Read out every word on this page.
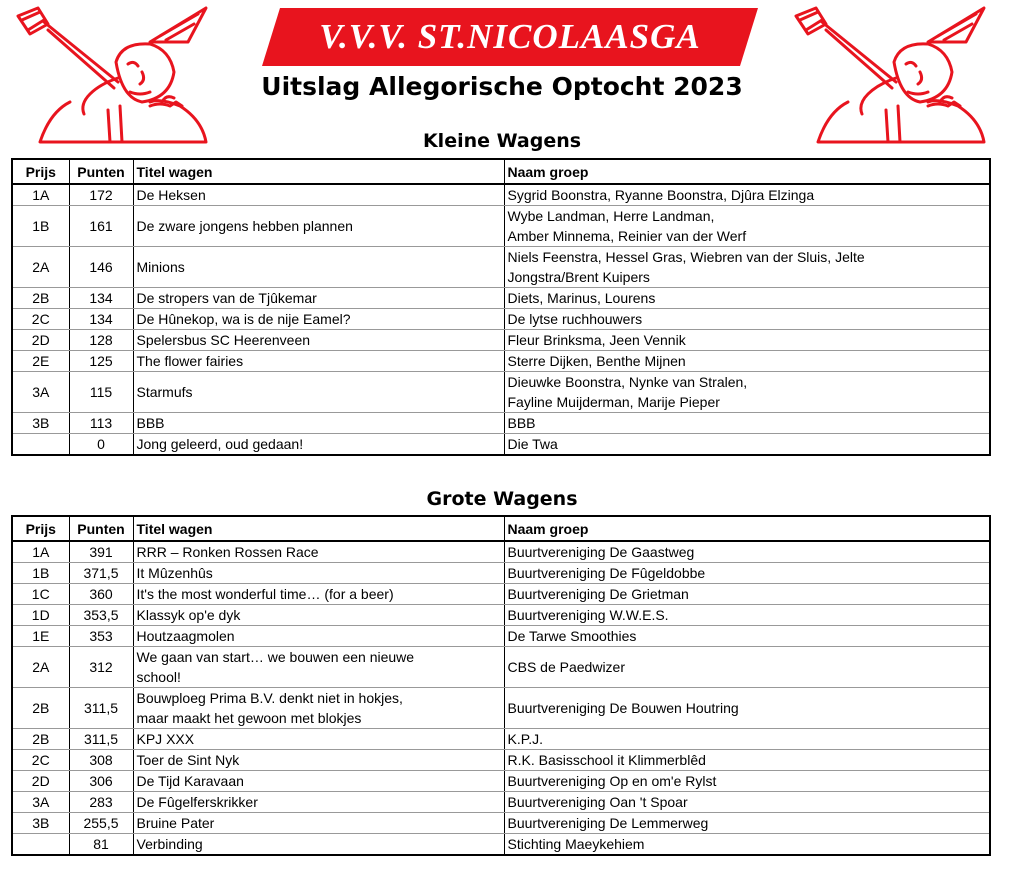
V.V.V. ST.NICOLAASGA
Uitslag Allegorische Optocht 2023
Kleine Wagens
Prijs	Punten	Titel wagen	Naam groep
1A	172	De Heksen	Sygrid Boonstra, Ryanne Boonstra, Djûra Elzinga
1B	161	De zware jongens hebben plannen	Wybe Landman, Herre Landman,
Amber Minnema, Reinier van der Werf
2A	146	Minions	Niels Feenstra, Hessel Gras, Wiebren van der Sluis, Jelte
Jongstra/Brent Kuipers
2B	134	De stropers van de Tjûkemar	Diets, Marinus, Lourens
2C	134	De Hûnekop, wa is de nije Eamel?	De lytse ruchhouwers
2D	128	Spelersbus SC Heerenveen	Fleur Brinksma, Jeen Vennik
2E	125	The flower fairies	Sterre Dijken, Benthe Mijnen
3A	115	Starmufs	Dieuwke Boonstra, Nynke van Stralen,
Fayline Muijderman, Marije Pieper
3B	113	BBB	BBB
	0	Jong geleerd, oud gedaan!	Die Twa
Grote Wagens
Prijs	Punten	Titel wagen	Naam groep
1A	391	RRR – Ronken Rossen Race	Buurtvereniging De Gaastweg
1B	371,5	It Mûzenhûs	Buurtvereniging De Fûgeldobbe
1C	360	It's the most wonderful time… (for a beer)	Buurtvereniging De Grietman
1D	353,5	Klassyk op'e dyk	Buurtvereniging W.W.E.S.
1E	353	Houtzaagmolen	De Tarwe Smoothies
2A	312	We gaan van start… we bouwen een nieuwe
school!	CBS de Paedwizer
2B	311,5	Bouwploeg Prima B.V. denkt niet in hokjes,
maar maakt het gewoon met blokjes	Buurtvereniging De Bouwen Houtring
2B	311,5	KPJ XXX	K.P.J.
2C	308	Toer de Sint Nyk	R.K. Basisschool it Klimmerblêd
2D	306	De Tijd Karavaan	Buurtvereniging Op en om'e Rylst
3A	283	De Fûgelferskrikker	Buurtvereniging Oan 't Spoar
3B	255,5	Bruine Pater	Buurtvereniging De Lemmerweg
	81	Verbinding	Stichting Maeykehiem
